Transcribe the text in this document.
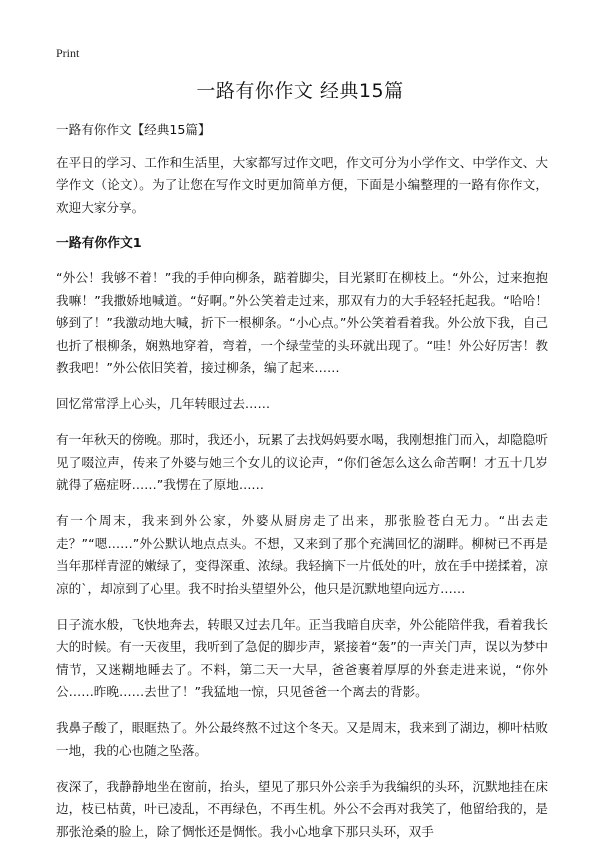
Print
一路有你作文 经典15篇

一路有你作文【经典15篇】

在平日的学习、工作和生活里，大家都写过作文吧，作文可分为小学作文、中学作文、大学作文（论文）。为了让您在写作文时更加简单方便，下面是小编整理的一路有你作文，欢迎大家分享。

一路有你作文1

“外公！我够不着！”我的手伸向柳条，踮着脚尖，目光紧盯在柳枝上。“外公，过来抱抱我嘛！”我撒娇地喊道。“好啊。”外公笑着走过来，那双有力的大手轻轻托起我。“哈哈！够到了！”我激动地大喊，折下一根柳条。“小心点。”外公笑着看着我。外公放下我，自己也折了根柳条，娴熟地穿着，弯着，一个绿莹莹的头环就出现了。“哇！外公好厉害！教教我吧！”外公依旧笑着，接过柳条，编了起来……

回忆常常浮上心头，几年转眼过去……

有一年秋天的傍晚。那时，我还小，玩累了去找妈妈要水喝，我刚想推门而入，却隐隐听见了啜泣声，传来了外婆与她三个女儿的议论声，“你们爸怎么这么命苦啊！才五十几岁就得了癌症呀……”我愣在了原地……

有一个周末，我来到外公家，外婆从厨房走了出来，那张脸苍白无力。“出去走走？”“嗯……”外公默认地点点头。不想，又来到了那个充满回忆的湖畔。柳树已不再是当年那样青涩的嫩绿了，变得深重、浓绿。我轻摘下一片低处的叶，放在手中搓揉着，凉凉的`，却凉到了心里。我不时抬头望望外公，他只是沉默地望向远方……

日子流水般，飞快地奔去，转眼又过去几年。正当我暗自庆幸，外公能陪伴我，看着我长大的时候。有一天夜里，我听到了急促的脚步声，紧接着“轰”的一声关门声，误以为梦中情节，又迷糊地睡去了。不料，第二天一大早，爸爸裹着厚厚的外套走进来说，“你外公……昨晚……去世了！”我猛地一惊，只见爸爸一个离去的背影。

我鼻子酸了，眼眶热了。外公最终熬不过这个冬天。又是周末，我来到了湖边，柳叶枯败一地，我的心也随之坠落。

夜深了，我静静地坐在窗前，抬头，望见了那只外公亲手为我编织的头环，沉默地挂在床边，枝已枯黄，叶已凌乱，不再绿色，不再生机。外公不会再对我笑了，他留给我的，是那张沧桑的脸上，除了惆怅还是惆怅。我小心地拿下那只头环，双手
